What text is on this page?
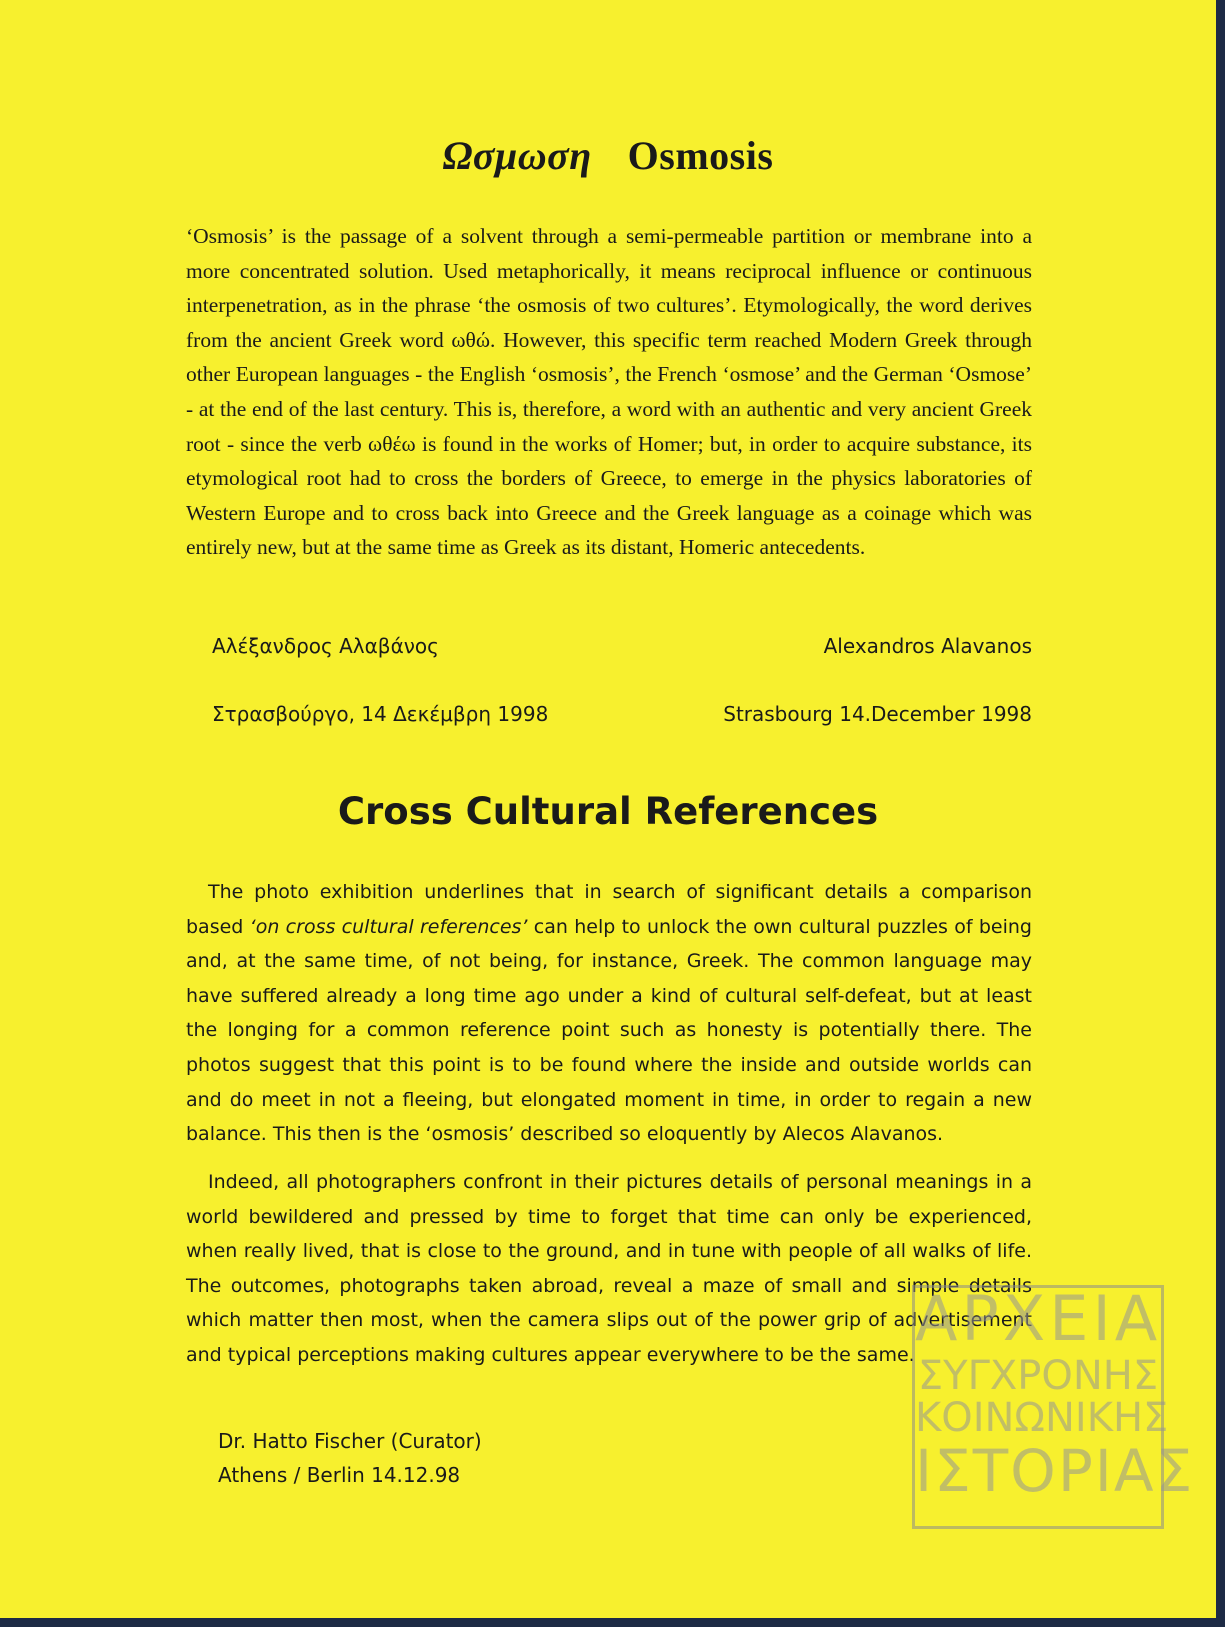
Ωσμωση Osmosis

‘Osmosis’ is the passage of a solvent through a semi-permeable partition or membrane into a more concentrated solution. Used metaphorically, it means reciprocal influence or continuous interpenetration, as in the phrase ‘the osmosis of two cultures’. Etymologically, the word derives from the ancient Greek word ωθώ. However, this specific term reached Modern Greek through other European languages - the English ‘osmosis’, the French ‘osmose’ and the German ‘Osmose’ - at the end of the last century. This is, therefore, a word with an authentic and very ancient Greek root - since the verb ωθέω is found in the works of Homer; but, in order to acquire substance, its etymological root had to cross the borders of Greece, to emerge in the physics laboratories of Western Europe and to cross back into Greece and the Greek language as a coinage which was entirely new, but at the same time as Greek as its distant, Homeric antecedents.

Αλέξανδρος Αλαβάνος	Alexandros Alavanos
Στρασβούργο, 14 Δεκέμβρη 1998	Strasbourg 14.December 1998
Cross Cultural References

The photo exhibition underlines that in search of significant details a comparison based ‘on cross cultural references’ can help to unlock the own cultural puzzles of being and, at the same time, of not being, for instance, Greek. The common language may have suffered already a long time ago under a kind of cultural self-defeat, but at least the longing for a common reference point such as honesty is potentially there. The photos suggest that this point is to be found where the inside and outside worlds can and do meet in not a fleeing, but elongated moment in time, in order to regain a new balance. This then is the ‘osmosis’ described so eloquently by Alecos Alavanos.

Indeed, all photographers confront in their pictures details of personal meanings in a world bewildered and pressed by time to forget that time can only be experienced, when really lived, that is close to the ground, and in tune with people of all walks of life. The outcomes, photographs taken abroad, reveal a maze of small and simple details which matter then most, when the camera slips out of the power grip of advertisement and typical perceptions making cultures appear everywhere to be the same.

Dr. Hatto Fischer (Curator)
Athens / Berlin 14.12.98
ΑΡΧΕΙΑ
ΣΥΓΧΡΟΝΗΣ
ΚΟΙΝΩΝΙΚΗΣ
ΙΣΤΟΡΙΑΣ
